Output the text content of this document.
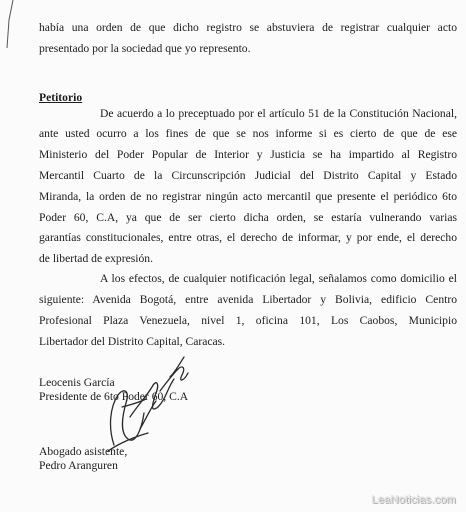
había una orden de que dicho registro se abstuviera de registrar cualquier acto
presentado por la sociedad que yo represento.
Petitorio
De acuerdo a lo preceptuado por el artículo 51 de la Constitución Nacional,
ante usted ocurro a los fines de que se nos informe si es cierto de que de ese
Ministerio del Poder Popular de Interior y Justicia se ha impartido al Registro
Mercantil Cuarto de la Circunscripción Judicial del Distrito Capital y Estado
Miranda, la orden de no registrar ningún acto mercantil que presente el periódico 6to
Poder 60, C.A, ya que de ser cierto dicha orden, se estaría vulnerando varias
garantías constitucionales, entre otras, el derecho de informar, y por ende, el derecho
de libertad de expresión.
A los efectos, de cualquier notificación legal, señalamos como domicilio el
siguiente: Avenida Bogotá, entre avenida Libertador y Bolivia, edificio Centro
Profesional Plaza Venezuela, nivel 1, oficina 101, Los Caobos, Municipio
Libertador del Distrito Capital, Caracas.
Leocenis García
Presidente de 6to Poder 60, C.A
Abogado asistente,
Pedro Aranguren
LeaNoticias.com
